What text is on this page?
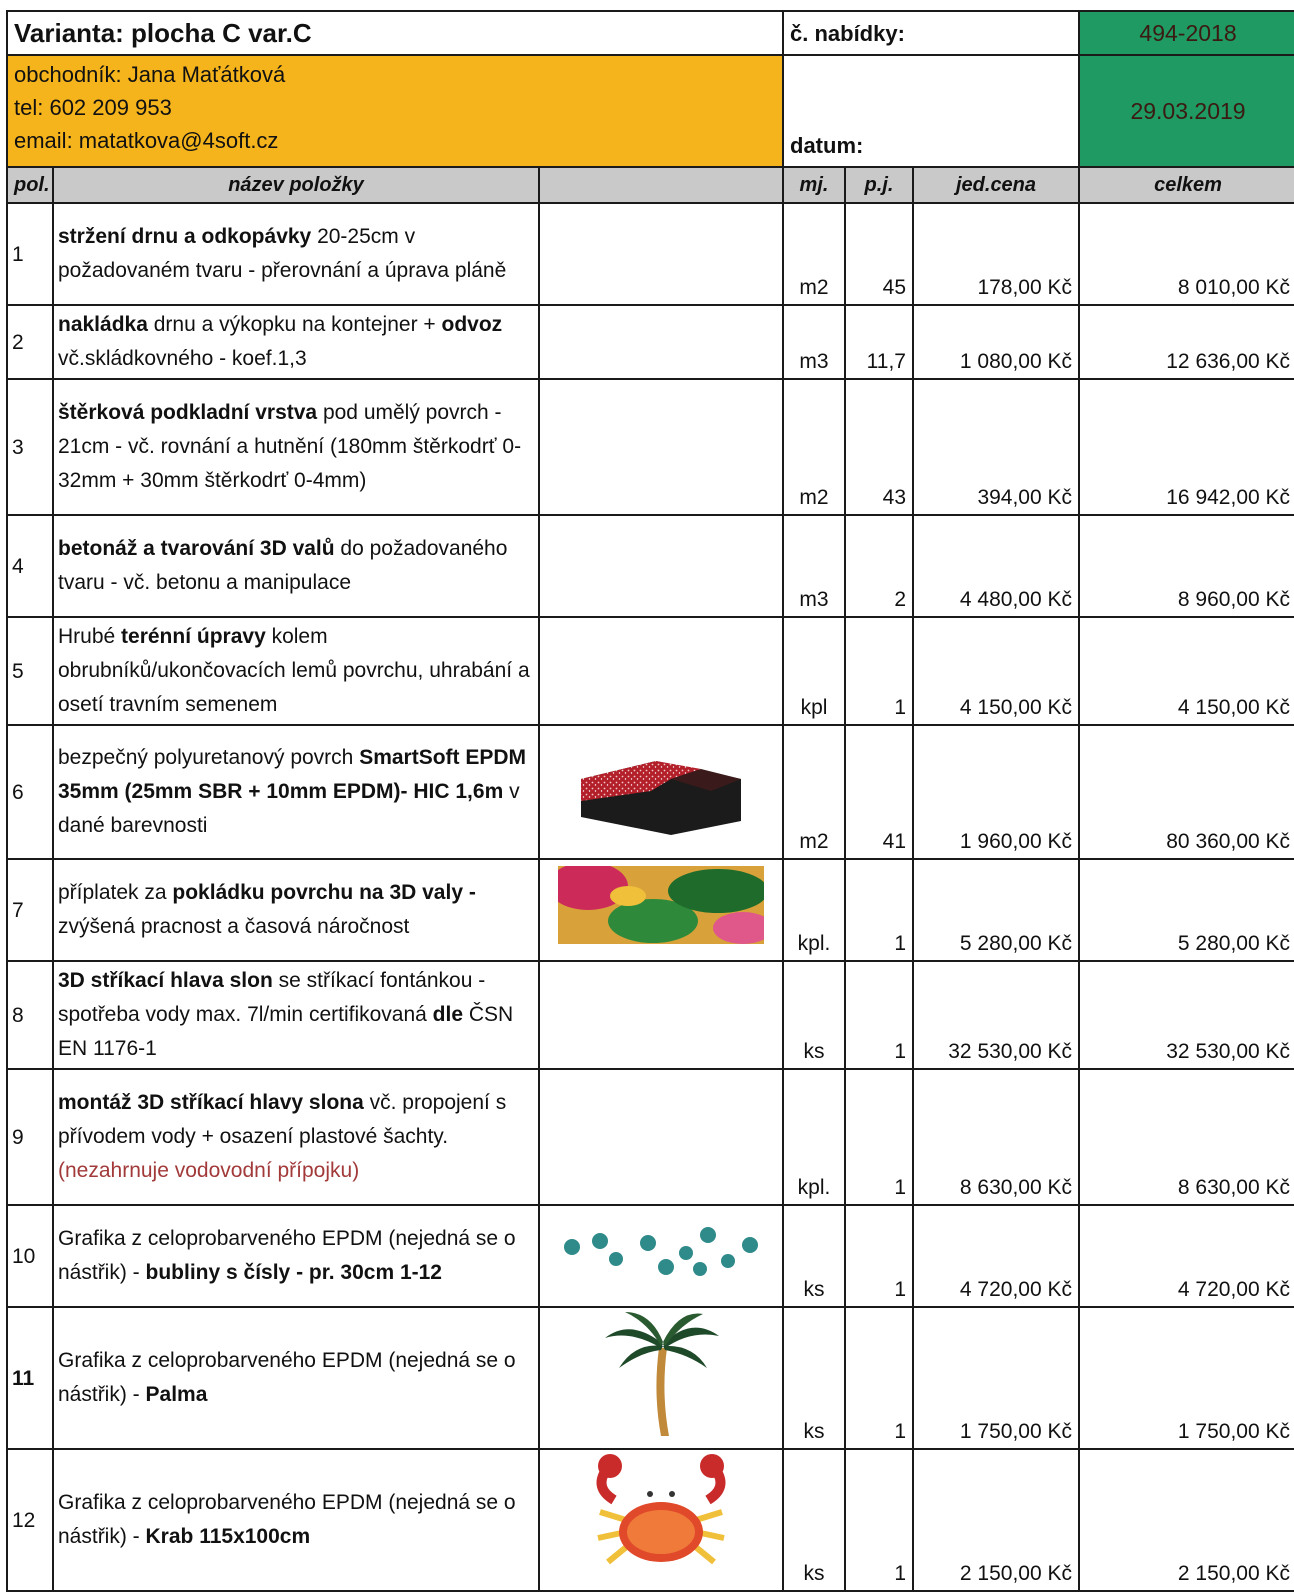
Varianta: plocha C var.C			č. nabídky:			494-2018

obchodník: Jana Maťátková
tel: 602 209 953
email: matatkova@4soft.cz			datum:			29.03.2019
pol.	název položky		mj.	p.j.	jed.cena	celkem
1	stržení drnu a odkopávky 20-25cm v požadovaném tvaru - přerovnání a úprava pláně		m2	45	178,00 Kč	8 010,00 Kč
2	nakládka drnu a výkopku na kontejner + odvoz vč.skládkovného - koef.1,3		m3	11,7	1 080,00 Kč	12 636,00 Kč
3	štěrková podkladní vrstva pod umělý povrch - 21cm - vč. rovnání a hutnění (180mm štěrkodrť 0-32mm + 30mm štěrkodrť 0-4mm)		m2	43	394,00 Kč	16 942,00 Kč
4	betonáž a tvarování 3D valů do požadovaného tvaru - vč. betonu a manipulace		m3	2	4 480,00 Kč	8 960,00 Kč
5	Hrubé terénní úpravy kolem obrubníků/ukončovacích lemů povrchu, uhrabání a osetí travním semenem		kpl	1	4 150,00 Kč	4 150,00 Kč
6	bezpečný polyuretanový povrch SmartSoft EPDM 35mm (25mm SBR + 10mm EPDM)- HIC 1,6m v dané barevnosti		m2	41	1 960,00 Kč	80 360,00 Kč
7	příplatek za pokládku povrchu na 3D valy - zvýšená pracnost a časová náročnost		kpl.	1	5 280,00 Kč	5 280,00 Kč
8	3D stříkací hlava slon se stříkací fontánkou - spotřeba vody max. 7l/min certifikovaná dle ČSN EN 1176-1		ks	1	32 530,00 Kč	32 530,00 Kč
9	montáž 3D stříkací hlavy slona vč. propojení s přívodem vody + osazení plastové šachty.
(nezahrnuje vodovodní přípojku)		kpl.	1	8 630,00 Kč	8 630,00 Kč
10	Grafika z celoprobarveného EPDM (nejedná se o nástřik) - bubliny s čísly - pr. 30cm 1-12		ks	1	4 720,00 Kč	4 720,00 Kč
11	Grafika z celoprobarveného EPDM (nejedná se o nástřik) - Palma		ks	1	1 750,00 Kč	1 750,00 Kč
12	Grafika z celoprobarveného EPDM (nejedná se o nástřik) - Krab 115x100cm		ks	1	2 150,00 Kč	2 150,00 Kč
